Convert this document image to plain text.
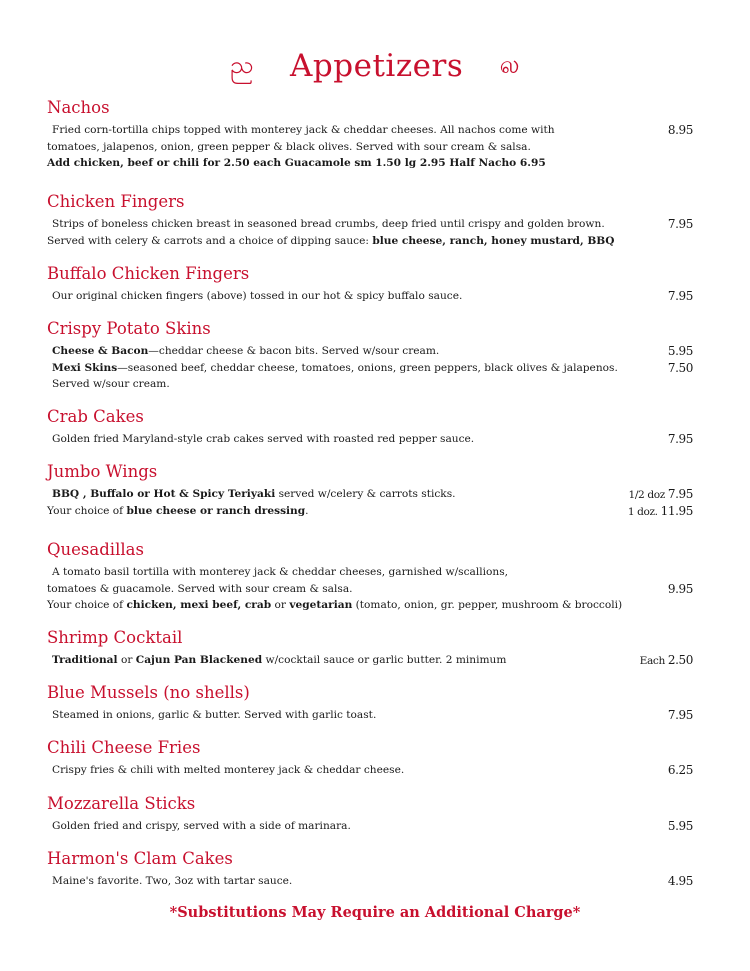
ည Appetizers ல
Nachos
Fried corn-tortilla chips topped with monterey jack & cheddar cheeses. All nachos come with	8.95
tomatoes, jalapenos, onion, green pepper & black olives. Served with sour cream & salsa.
Add chicken, beef or chili for 2.50 each Guacamole sm 1.50 lg 2.95 Half Nacho 6.95
Chicken Fingers
Strips of boneless chicken breast in seasoned bread crumbs, deep fried until crispy and golden brown.	7.95
Served with celery & carrots and a choice of dipping sauce: blue cheese, ranch, honey mustard, BBQ
Buffalo Chicken Fingers
Our original chicken fingers (above) tossed in our hot & spicy buffalo sauce.	7.95
Crispy Potato Skins
Cheese & Bacon—cheddar cheese & bacon bits. Served w/sour cream.	5.95
Mexi Skins—seasoned beef, cheddar cheese, tomatoes, onions, green peppers, black olives & jalapenos.	7.50
Served w/sour cream.
Crab Cakes
Golden fried Maryland-style crab cakes served with roasted red pepper sauce.	7.95
Jumbo Wings
BBQ , Buffalo or Hot & Spicy Teriyaki served w/celery & carrots sticks.	1/2 doz 7.95
Your choice of blue cheese or ranch dressing.	1 doz. 11.95
Quesadillas
A tomato basil tortilla with monterey jack & cheddar cheeses, garnished w/scallions,
tomatoes & guacamole. Served with sour cream & salsa.	9.95
Your choice of chicken, mexi beef, crab or vegetarian (tomato, onion, gr. pepper, mushroom & broccoli)
Shrimp Cocktail
Traditional or Cajun Pan Blackened w/cocktail sauce or garlic butter. 2 minimum	Each 2.50
Blue Mussels (no shells)
Steamed in onions, garlic & butter. Served with garlic toast.	7.95
Chili Cheese Fries
Crispy fries & chili with melted monterey jack & cheddar cheese.	6.25
Mozzarella Sticks
Golden fried and crispy, served with a side of marinara.	5.95
Harmon's Clam Cakes
Maine's favorite. Two, 3oz with tartar sauce.	4.95
*Substitutions May Require an Additional Charge*
